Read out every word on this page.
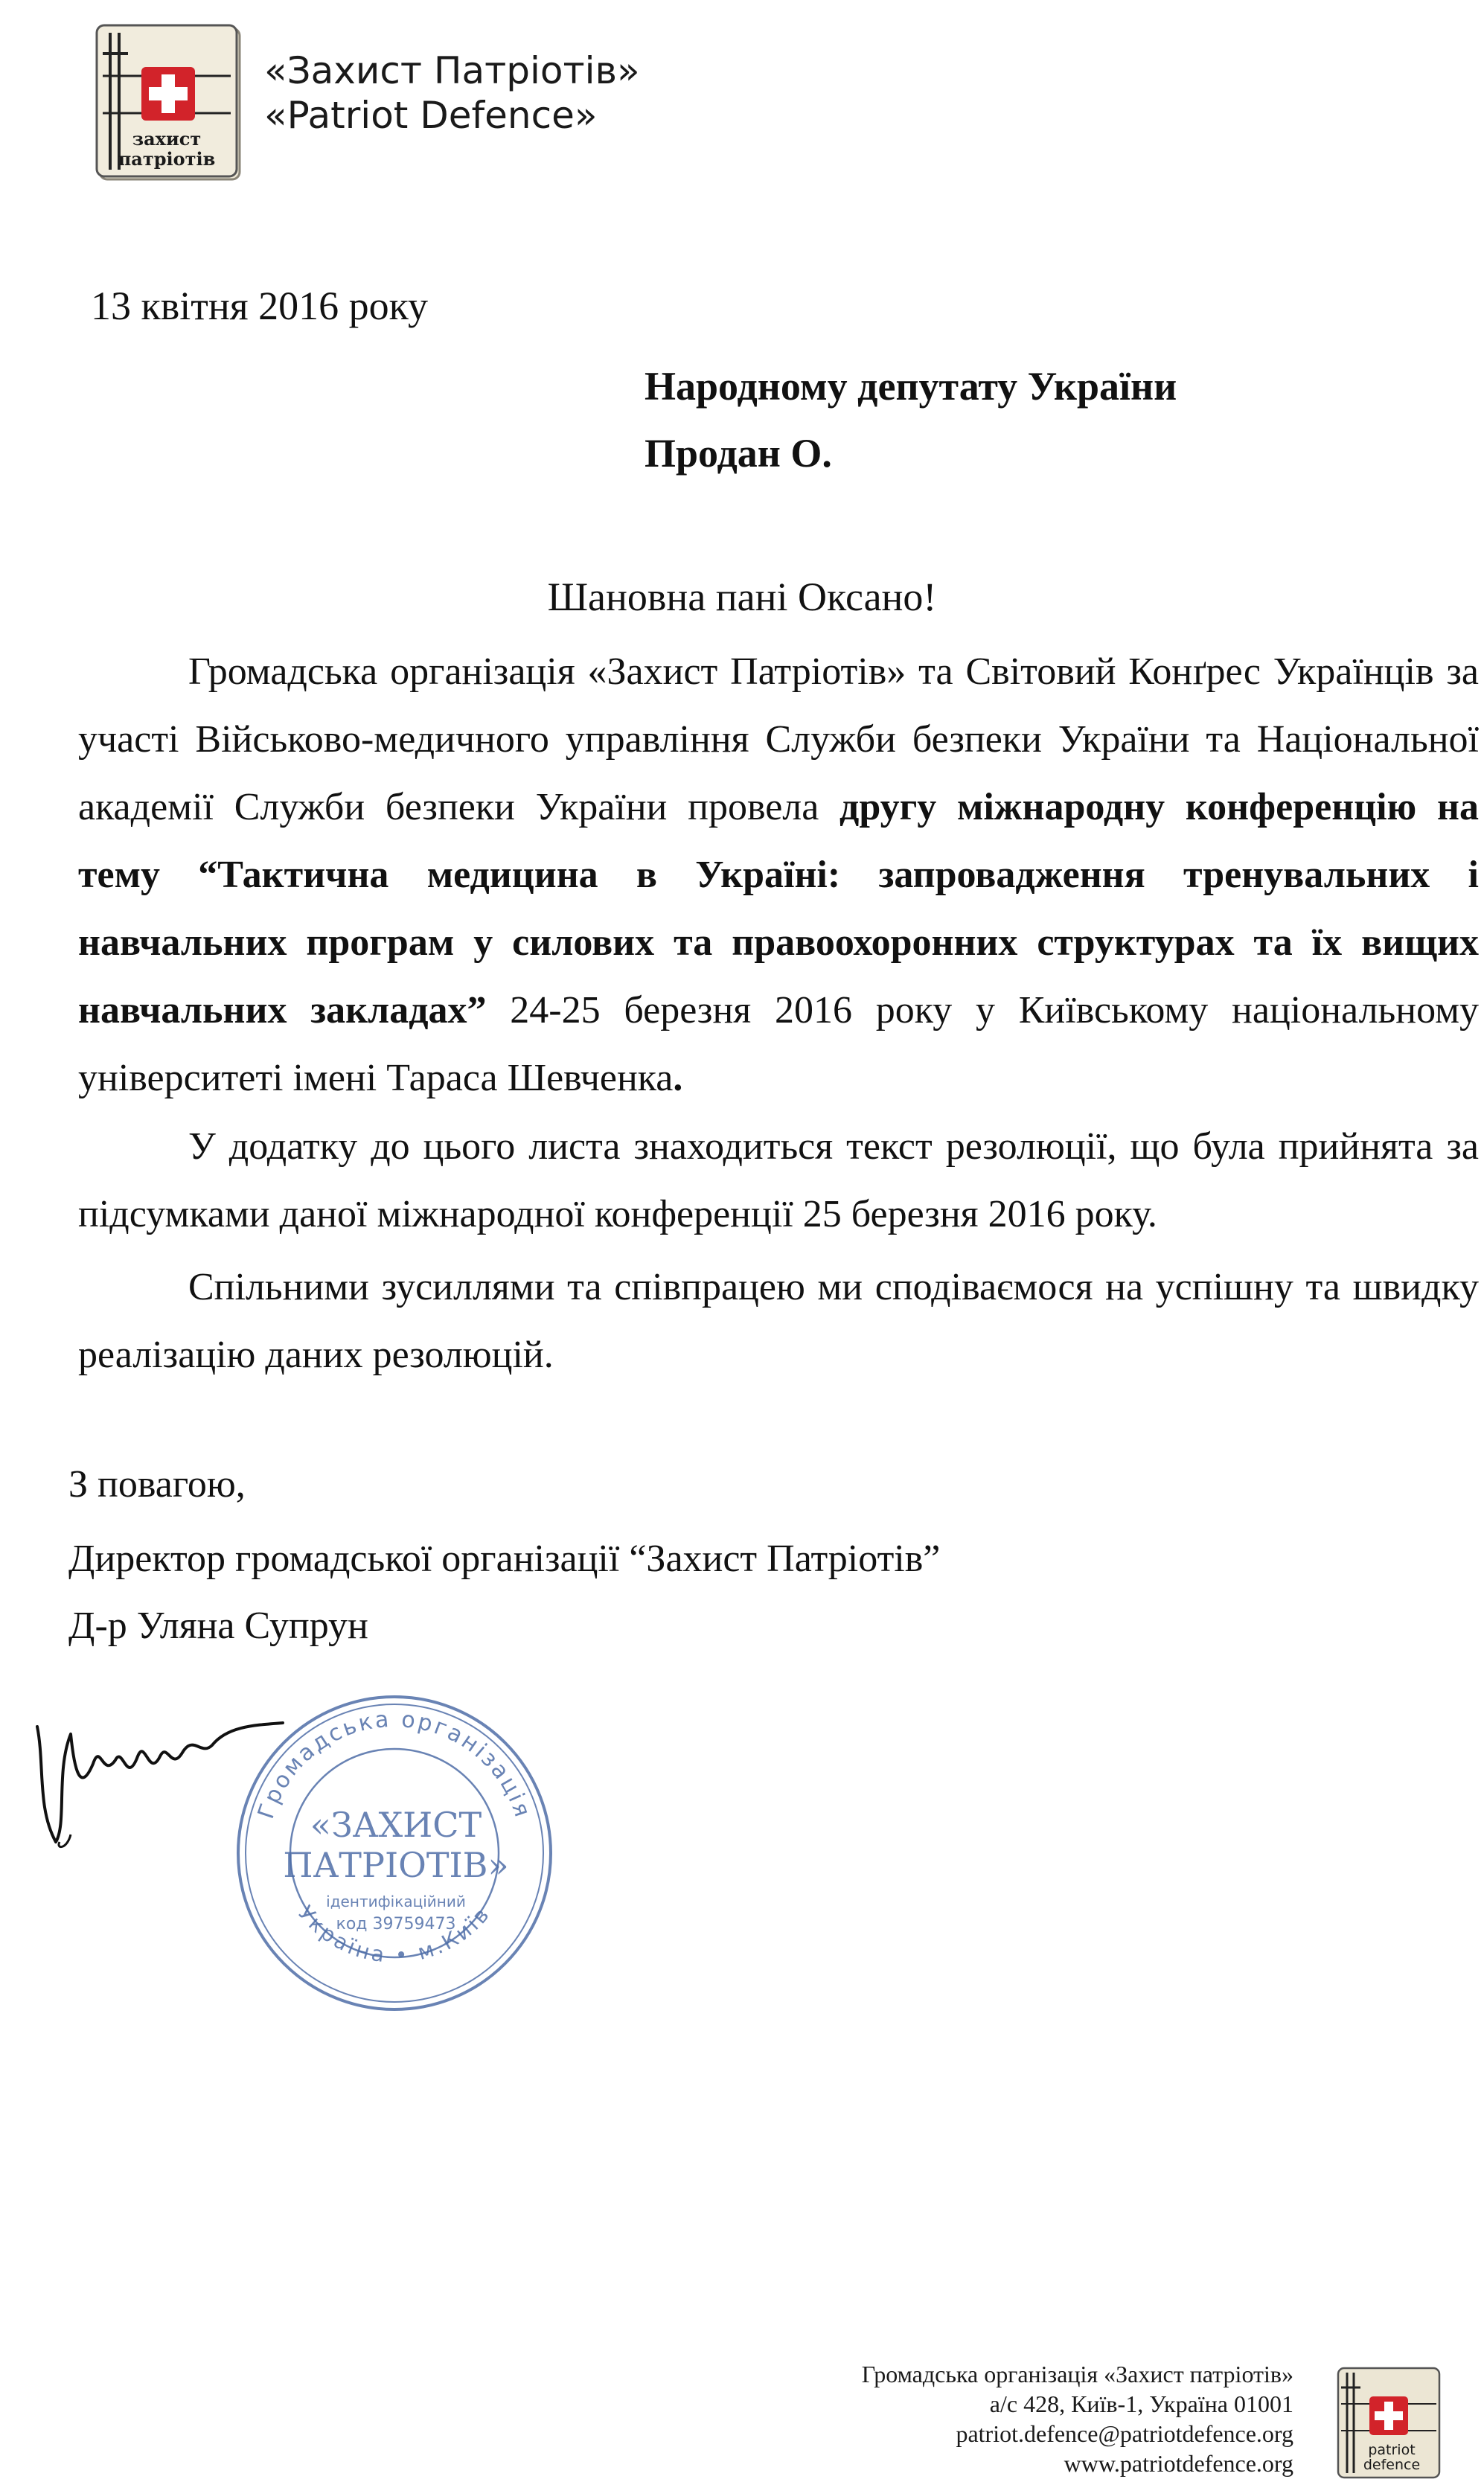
захист
патріотів
«Захист Патріотів»
«Patriot Defence»
13 квітня 2016 року
Народному депутату України
Продан О.
Шановна пані Оксано!

Громадська організація «Захист Патріотів» та Світовий Конґрес Українців за участі Військово-медичного управління Служби безпеки України та Національної академії Служби безпеки України провела другу міжнародну конференцію на тему “Тактична медицина в Україні: запровадження тренувальних і навчальних програм у силових та правоохоронних структурах та їх вищих навчальних закладах” 24-25 березня 2016 року у Київському національному університеті імені Тараса Шевченка.

У додатку до цього листа знаходиться текст резолюції, що була прийнята за підсумками даної міжнародної конференції 25 березня 2016 року.

Спільними зусиллями та співпрацею ми сподіваємося на успішну та швидку реалізацію даних резолюцій.

З повагою,
Директор громадської організації “Захист Патріотів”
Д-р Уляна Супрун
Громадська організація
Україна • м.Київ
«ЗАХИСТ
ПАТРІОТІВ»
ідентифікаційний
код 39759473
Громадська організація «Захист патріотів»
а/с 428, Київ-1, Україна 01001
patriot.defence@patriotdefence.org
www.patriotdefence.org	patriot
defence
